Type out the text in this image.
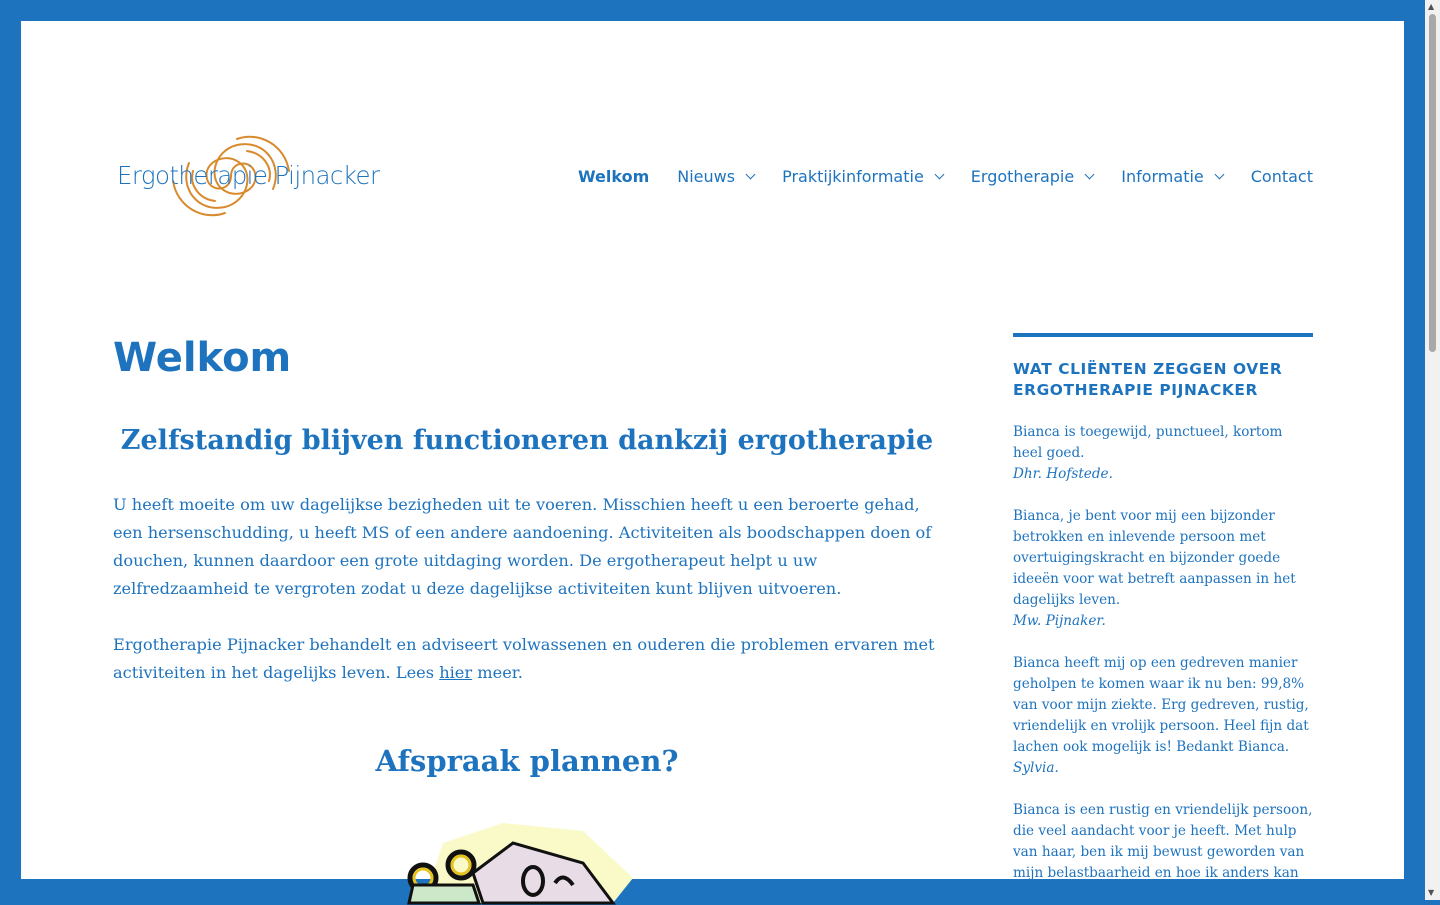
Ergotherapie Pijnacker	Welkom Nieuws	Praktijkinformatie	Ergotherapie	Informatie	Contact
Welkom
Zelfstandig blijven functioneren dankzij ergotherapie

U heeft moeite om uw dagelijkse bezigheden uit te voeren. Misschien heeft u een beroerte gehad, een hersenschudding, u heeft MS of een andere aandoening. Activiteiten als boodschappen doen of douchen, kunnen daardoor een grote uitdaging worden. De ergotherapeut helpt u uw zelfredzaamheid te vergroten zodat u deze dagelijkse activiteiten kunt blijven uitvoeren.

Ergotherapie Pijnacker behandelt en adviseert volwassenen en ouderen die problemen ervaren met activiteiten in het dagelijks leven. Lees hier meer.

Afspraak plannen?
WAT CLIËNTEN ZEGGEN OVER ERGOTHERAPIE PIJNACKER

Bianca is toegewijd, punctueel, kortom heel goed.
Dhr. Hofstede.

Bianca, je bent voor mij een bijzonder betrokken en inlevende persoon met overtuigingskracht en bijzonder goede ideeën voor wat betreft aanpassen in het dagelijks leven.
Mw. Pijnaker.

Bianca heeft mij op een gedreven manier geholpen te komen waar ik nu ben: 99,8% van voor mijn ziekte. Erg gedreven, rustig, vriendelijk en vrolijk persoon. Heel fijn dat lachen ook mogelijk is! Bedankt Bianca.
Sylvia.

Bianca is een rustig en vriendelijk persoon, die veel aandacht voor je heeft. Met hulp van haar, ben ik mij bewust geworden van mijn belastbaarheid en hoe ik anders kan omgaan

▲
▼
